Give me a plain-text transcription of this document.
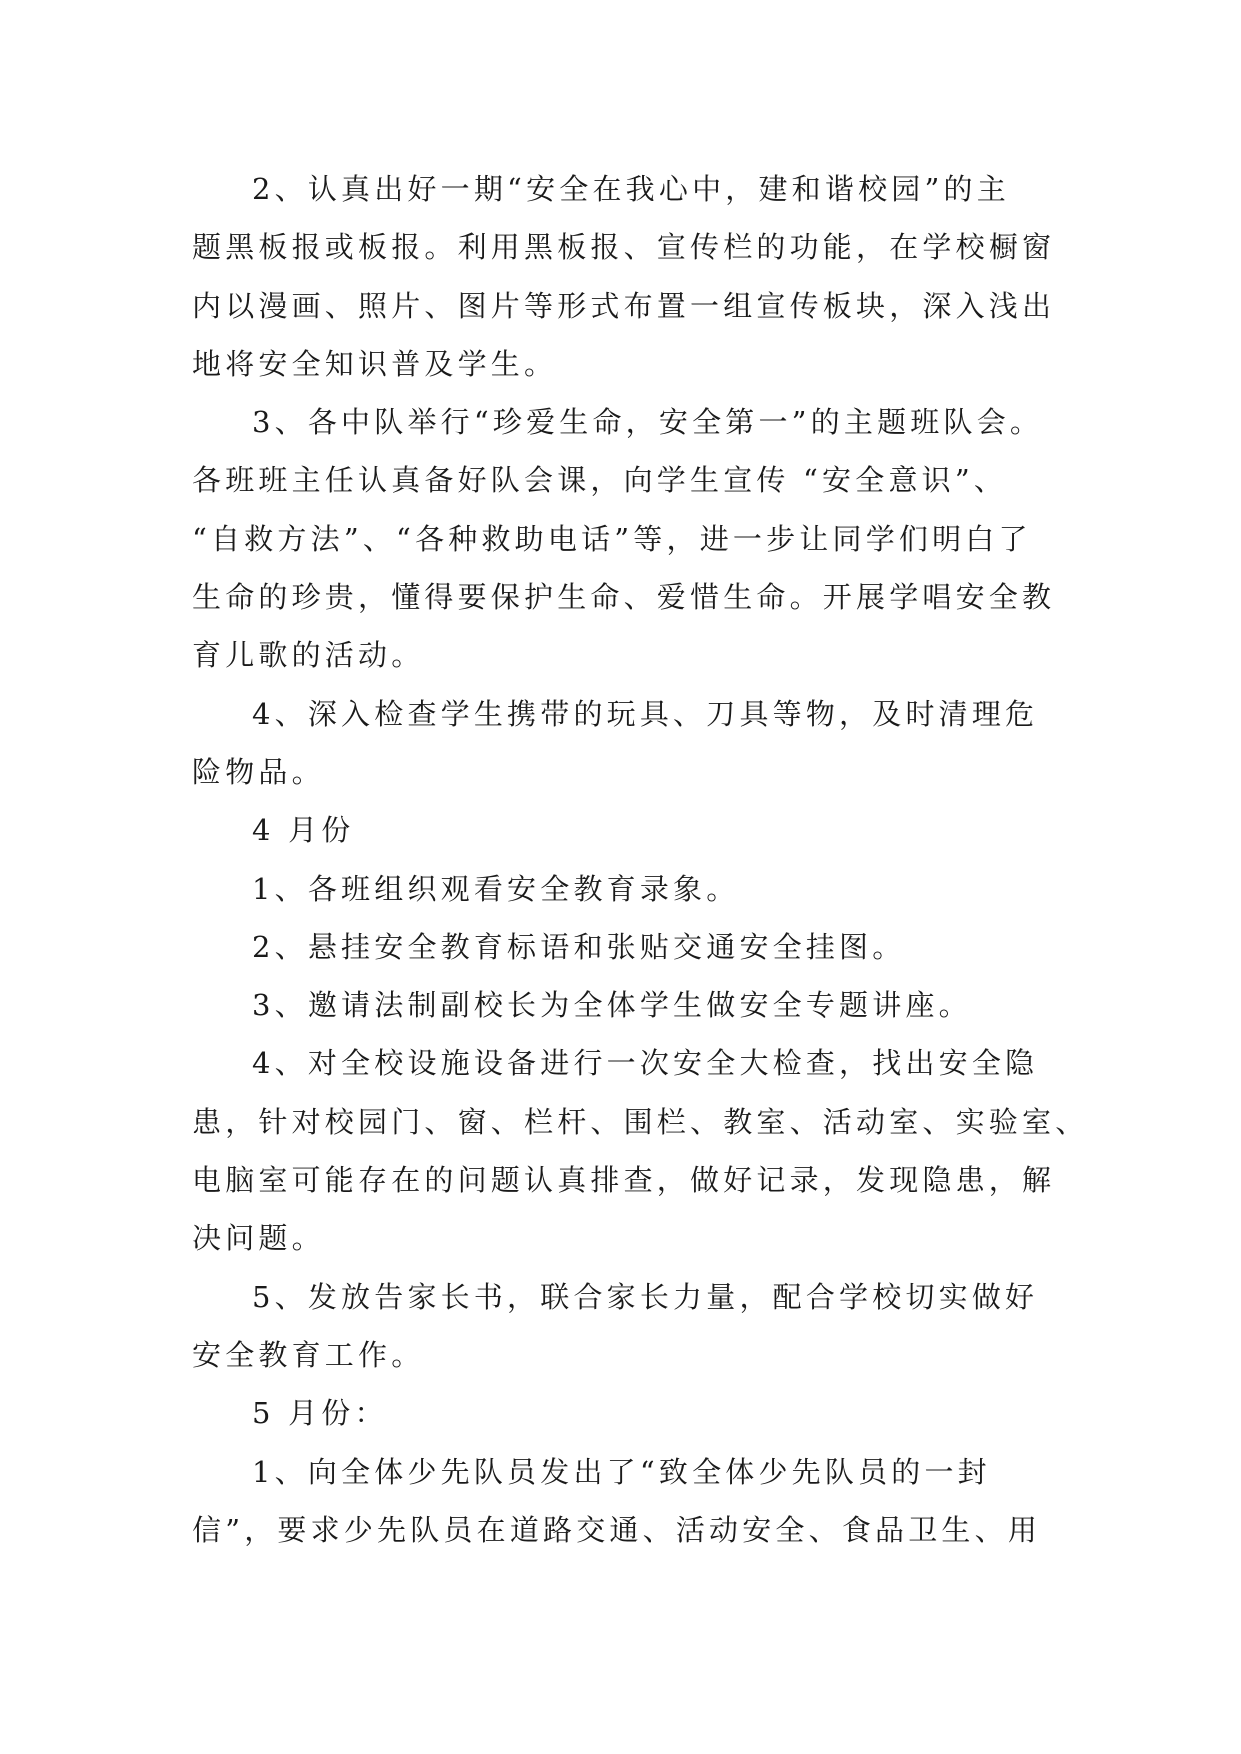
2、认真出好一期“安全在我心中，建和谐校园”的主
题黑板报或板报。利用黑板报、宣传栏的功能，在学校橱窗
内以漫画、照片、图片等形式布置一组宣传板块，深入浅出
地将安全知识普及学生。
3、各中队举行“珍爱生命，安全第一”的主题班队会。
各班班主任认真备好队会课，向学生宣传 “安全意识”、
“自救方法”、“各种救助电话”等，进一步让同学们明白了
生命的珍贵，懂得要保护生命、爱惜生命。开展学唱安全教
育儿歌的活动。
4、深入检查学生携带的玩具、刀具等物，及时清理危
险物品。
4 月份
1、各班组织观看安全教育录象。
2、悬挂安全教育标语和张贴交通安全挂图。
3、邀请法制副校长为全体学生做安全专题讲座。
4、对全校设施设备进行一次安全大检查，找出安全隐
患，针对校园门、窗、栏杆、围栏、教室、活动室、实验室、
电脑室可能存在的问题认真排查，做好记录，发现隐患，解
决问题。
5、发放告家长书，联合家长力量，配合学校切实做好
安全教育工作。
5 月份：
1、向全体少先队员发出了“致全体少先队员的一封
信”，要求少先队员在道路交通、活动安全、食品卫生、用
